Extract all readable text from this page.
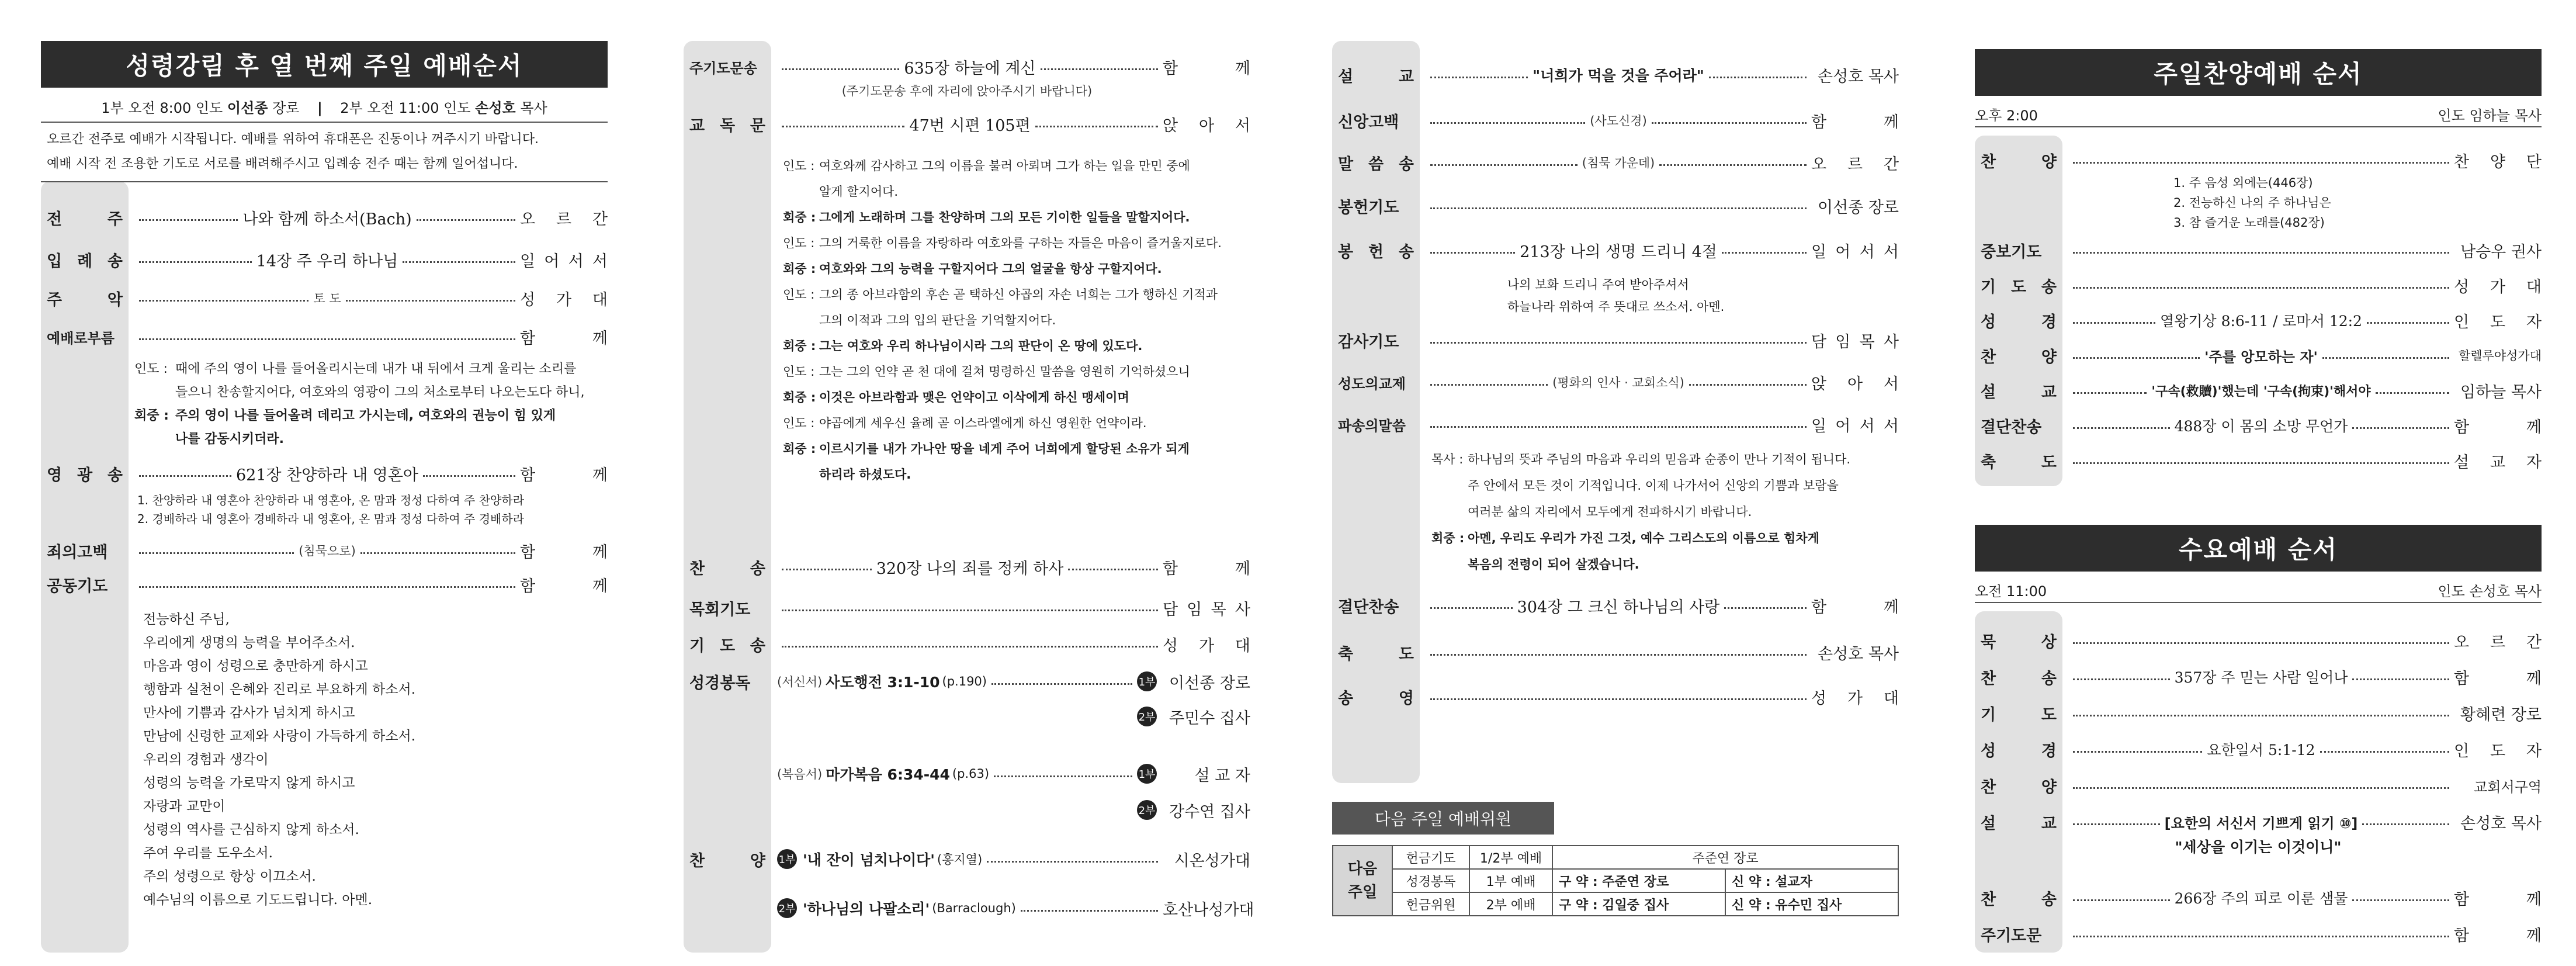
성령강림 후 열 번째 주일 예배순서
1부 오전 8:00 인도 이선종 장로 | 2부 오전 11:00 인도 손성호 목사
오르간 전주로 예배가 시작됩니다. 예배를 위하여 휴대폰은 진동이나 꺼주시기 바랍니다.
예배 시작 전 조용한 기도로 서로를 배려해주시고 입례송 전주 때는 함께 일어섭니다.
전　　주	나와 함께 하소서(Bach)	오 르 간
입 례 송	14장 주 우리 하나님	일 어 서 서
주　　악	토 도	성 가 대
예배로부름	함　　께
인도 : 때에 주의 영이 나를 들어올리시는데 내가 내 뒤에서 크게 울리는 소리를
들으니 찬송할지어다, 여호와의 영광이 그의 처소로부터 나오는도다 하니,
회중 : 주의 영이 나를 들어올려 데리고 가시는데, 여호와의 권능이 힘 있게
나를 감동시키더라.
영 광 송	621장 찬양하라 내 영혼아	함　　께
1. 찬양하라 내 영혼아 찬양하라 내 영혼아, 온 맘과 정성 다하여 주 찬양하라
2. 경배하라 내 영혼아 경배하라 내 영혼아, 온 맘과 정성 다하여 주 경배하라
죄의고백	(침묵으로)	함　　께
공동기도	함　　께
전능하신 주님,
우리에게 생명의 능력을 부어주소서.
마음과 영이 성령으로 충만하게 하시고
행함과 실천이 은혜와 진리로 부요하게 하소서.
만사에 기쁨과 감사가 넘치게 하시고
만남에 신령한 교제와 사랑이 가득하게 하소서.
우리의 경험과 생각이
성령의 능력을 가로막지 않게 하시고
자랑과 교만이
성령의 역사를 근심하지 않게 하소서.
주여 우리를 도우소서.
주의 성령으로 항상 이끄소서.
예수님의 이름으로 기도드립니다. 아멘.
주기도문송	635장 하늘에 계신	함　　께
(주기도문송 후에 자리에 앉아주시기 바랍니다)
교 독 문	47번 시편 105편	앉 아 서
인도 : 여호와께 감사하고 그의 이름을 불러 아뢰며 그가 하는 일을 만민 중에
알게 할지어다.
회중 : 그에게 노래하며 그를 찬양하며 그의 모든 기이한 일들을 말할지어다.
인도 : 그의 거룩한 이름을 자랑하라 여호와를 구하는 자들은 마음이 즐거울지로다.
회중 : 여호와와 그의 능력을 구할지어다 그의 얼굴을 항상 구할지어다.
인도 : 그의 종 아브라함의 후손 곧 택하신 야곱의 자손 너희는 그가 행하신 기적과
그의 이적과 그의 입의 판단을 기억할지어다.
회중 : 그는 여호와 우리 하나님이시라 그의 판단이 온 땅에 있도다.
인도 : 그는 그의 언약 곧 천 대에 걸쳐 명령하신 말씀을 영원히 기억하셨으니
회중 : 이것은 아브라함과 맺은 언약이고 이삭에게 하신 맹세이며
인도 : 야곱에게 세우신 율례 곧 이스라엘에게 하신 영원한 언약이라.
회중 : 이르시기를 내가 가나안 땅을 네게 주어 너희에게 할당된 소유가 되게
하리라 하셨도다.
찬　　송	320장 나의 죄를 정케 하사	함　　께
목회기도	담 임 목 사
기 도 송	성 가 대
성경봉독	(서신서) 사도행전 3:1-10 (p.190)	1부 이선종 장로
2부 주민수 집사
(복음서) 마가복음 6:34-44 (p.63)	1부	설 교 자
2부 강수연 집사
찬　　양	1부 '내 잔이 넘치나이다' (홍지열)	시온성가대
2부 '하나님의 나팔소리' (Barraclough)	호산나성가대
설　　교	"너희가 먹을 것을 주어라"	손성호 목사
신앙고백	(사도신경)	함　　께
말 씀 송	(침묵 가운데)	오 르 간
봉헌기도	이선종 장로
봉 헌 송	213장 나의 생명 드리니 4절	일 어 서 서
나의 보화 드리니 주여 받아주셔서
하늘나라 위하여 주 뜻대로 쓰소서. 아멘.
감사기도	담 임 목 사
성도의교제	(평화의 인사 · 교회소식)	앉 아 서
파송의말씀	일 어 서 서
목사 : 하나님의 뜻과 주님의 마음과 우리의 믿음과 순종이 만나 기적이 됩니다.
주 안에서 모든 것이 기적입니다. 이제 나가서어 신앙의 기쁨과 보람을
여러분 삶의 자리에서 모두에게 전파하시기 바랍니다.
회중 : 아멘, 우리도 우리가 가진 그것, 예수 그리스도의 이름으로 힘차게
복음의 전령이 되어 살겠습니다.
결단찬송	304장 그 크신 하나님의 사랑	함　　께
축　　도	손성호 목사
송　　영	성 가 대
다음 주일 예배위원
다음 주일	헌금기도	1/2부 예배	주준연 장로	
	성경봉독	1부 예배	구 약 : 주준연 장로	신 약 : 설교자
	헌금위원	2부 예배	구 약 : 김일중 집사	신 약 : 유수민 집사
주일찬양예배 순서
오후 2:00	인도 임하늘 목사
찬　　양	찬 양 단
1. 주 음성 외에는(446장)
2. 전능하신 나의 주 하나님은
3. 참 즐거운 노래를(482장)
중보기도	남승우 권사
기 도 송	성 가 대
성　　경	열왕기상 8:6-11 / 로마서 12:2	인 도 자
찬　　양	'주를 앙모하는 자'	할렐루야성가대
설　　교	'구속(救贖)'했는데 '구속(拘束)'해서야	임하늘 목사
결단찬송	488장 이 몸의 소망 무언가	함　　께
축　　도	설 교 자
수요예배 순서
오전 11:00	인도 손성호 목사
묵　　상	오 르 간
찬　　송	357장 주 믿는 사람 일어나	함　　께
기　　도	황혜련 장로
성　　경	요한일서 5:1-12	인 도 자
찬　　양	교회서구역
설　　교	[요한의 서신서 기쁘게 읽기 ⑩]	손성호 목사
"세상을 이기는 이것이니"
찬　　송	266장 주의 피로 이룬 샘물	함　　께
주기도문	함　　께
